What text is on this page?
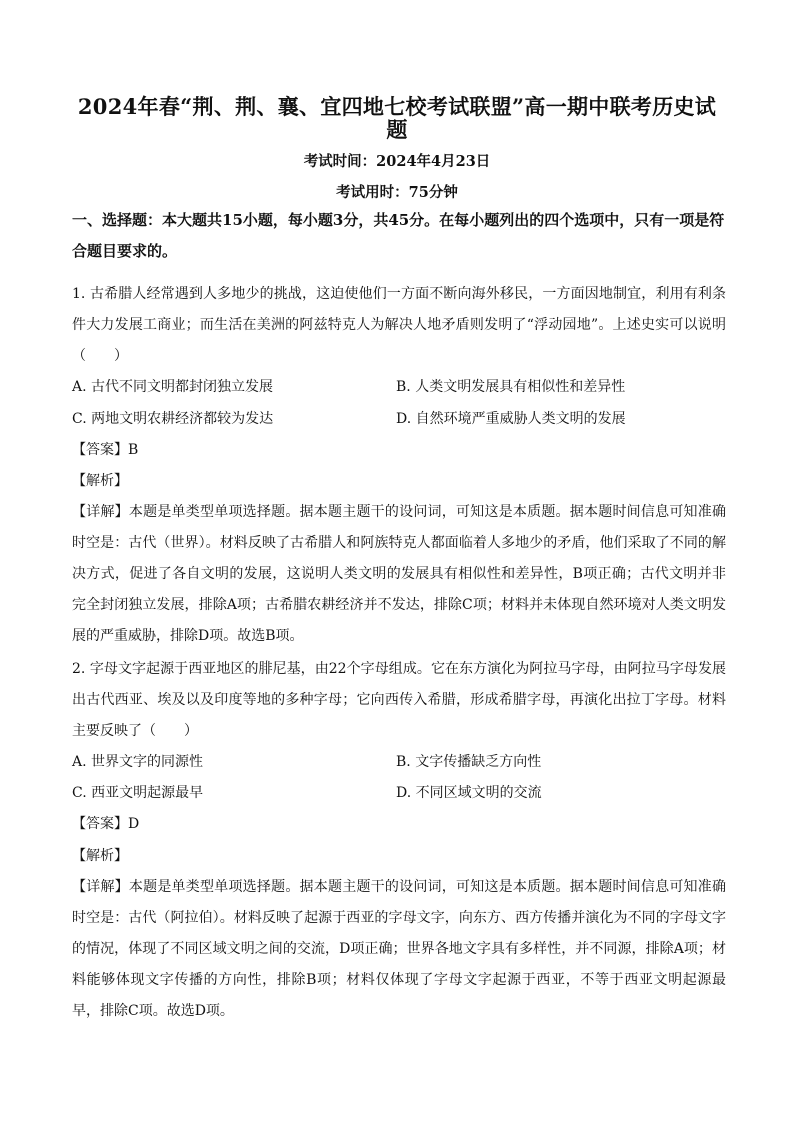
2024年春“荆、荆、襄、宜四地七校考试联盟”高一期中联考历史试
题
考试时间：2024年4月23日
考试用时：75分钟
一、选择题：本大题共15小题，每小题3分，共45分。在每小题列出的四个选项中，只有一项是符合题目要求的。
1. 古希腊人经常遇到人多地少的挑战，这迫使他们一方面不断向海外移民，一方面因地制宜，利用有利条件大力发展工商业；而生活在美洲的阿兹特克人为解决人地矛盾则发明了“浮动园地”。上述史实可以说明（　　）
A. 古代不同文明都封闭独立发展	B. 人类文明发展具有相似性和差异性
C. 两地文明农耕经济都较为发达	D. 自然环境严重威胁人类文明的发展
【答案】B
【解析】
【详解】本题是单类型单项选择题。据本题主题干的设问词，可知这是本质题。据本题时间信息可知准确时空是：古代（世界）。材料反映了古希腊人和阿族特克人都面临着人多地少的矛盾，他们采取了不同的解决方式，促进了各自文明的发展，这说明人类文明的发展具有相似性和差异性，B项正确；古代文明并非完全封闭独立发展，排除A项；古希腊农耕经济并不发达，排除C项；材料并未体现自然环境对人类文明发展的严重威胁，排除D项。故选B项。
2. 字母文字起源于西亚地区的腓尼基，由22个字母组成。它在东方演化为阿拉马字母，由阿拉马字母发展出古代西亚、埃及以及印度等地的多种字母；它向西传入希腊，形成希腊字母，再演化出拉丁字母。材料主要反映了（　　）
A. 世界文字的同源性	B. 文字传播缺乏方向性
C. 西亚文明起源最早	D. 不同区域文明的交流
【答案】D
【解析】
【详解】本题是单类型单项选择题。据本题主题干的设问词，可知这是本质题。据本题时间信息可知准确时空是：古代（阿拉伯）。材料反映了起源于西亚的字母文字，向东方、西方传播并演化为不同的字母文字的情况，体现了不同区域文明之间的交流，D项正确；世界各地文字具有多样性，并不同源，排除A项；材料能够体现文字传播的方向性，排除B项；材料仅体现了字母文字起源于西亚，不等于西亚文明起源最早，排除C项。故选D项。
